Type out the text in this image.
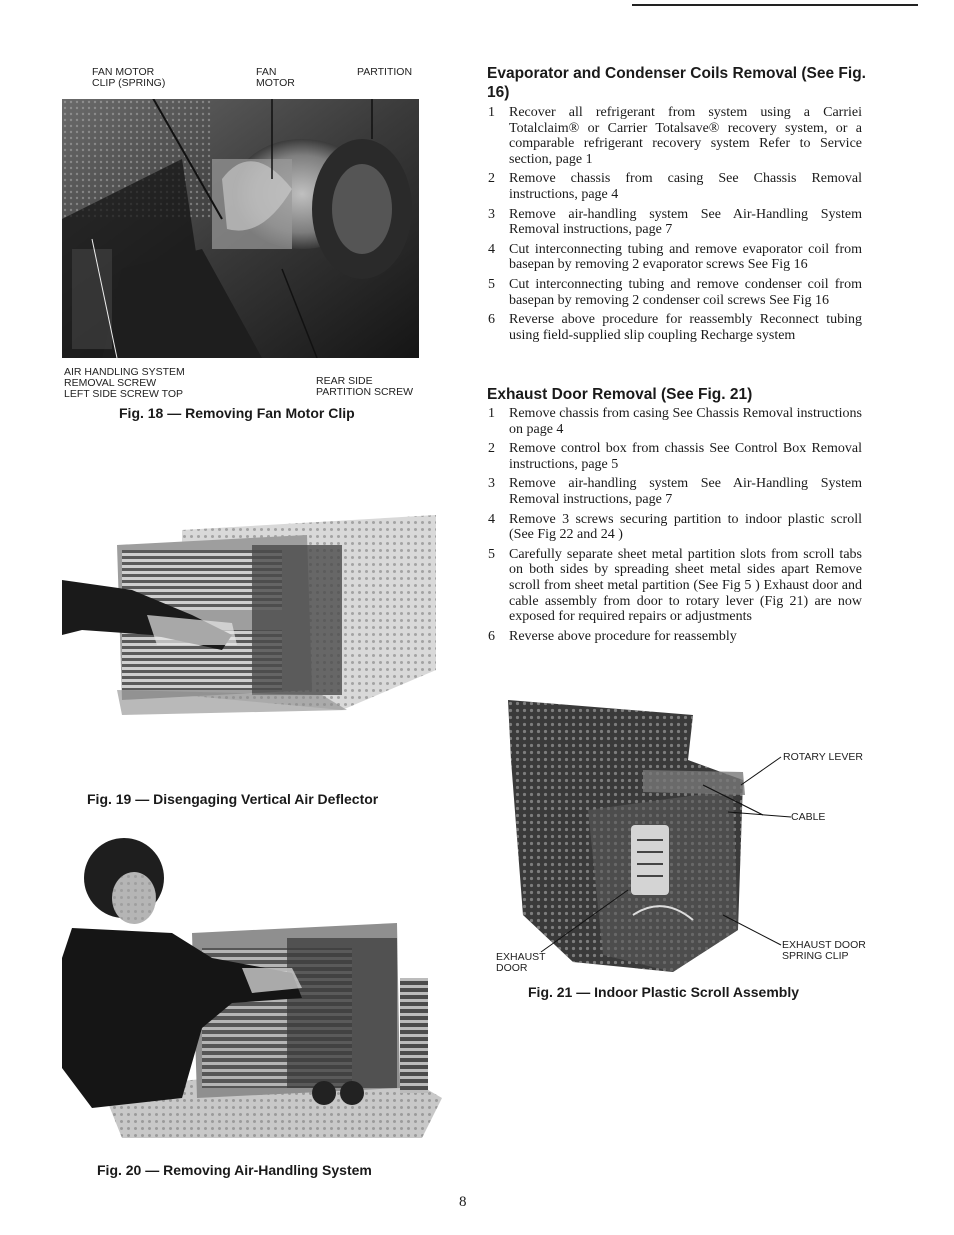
FAN MOTOR
CLIP (SPRING)
FAN
MOTOR
PARTITION
AIR HANDLING SYSTEM
REMOVAL SCREW
LEFT SIDE SCREW TOP
REAR SIDE
PARTITION SCREW
Fig. 18 — Removing Fan Motor Clip
Fig. 19 — Disengaging Vertical Air Deflector
Fig. 20 — Removing Air-Handling System
Evaporator and Condenser Coils Removal (See Fig. 16)
1 Recover all refrigerant from system using a Carriei Totalclaim® or Carrier Totalsave® recovery system, or a comparable refrigerant recovery system Refer to Service section, page 1
2 Remove chassis from casing See Chassis Removal instructions, page 4
3 Remove air-handling system See Air-Handling System Removal instructions, page 7
4 Cut interconnecting tubing and remove evaporator coil from basepan by removing 2 evaporator screws See Fig 16
5 Cut interconnecting tubing and remove condenser coil from basepan by removing 2 condenser coil screws See Fig 16
6 Reverse above procedure for reassembly Reconnect tubing using field-supplied slip coupling Recharge system
Exhaust Door Removal (See Fig. 21)
1 Remove chassis from casing See Chassis Removal instructions on page 4
2 Remove control box from chassis See Control Box Removal instructions, page 5
3 Remove air-handling system See Air-Handling System Removal instructions, page 7
4 Remove 3 screws securing partition to indoor plastic scroll (See Fig 22 and 24 )
5 Carefully separate sheet metal partition slots from scroll tabs on both sides by spreading sheet metal sides apart Remove scroll from sheet metal partition (See Fig 5 ) Exhaust door and cable assembly from door to rotary lever (Fig 21) are now exposed for required repairs or adjustments
6 Reverse above procedure for reassembly
ROTARY LEVER
CABLE
EXHAUST DOOR
SPRING CLIP
EXHAUST
DOOR
Fig. 21 — Indoor Plastic Scroll Assembly
8
